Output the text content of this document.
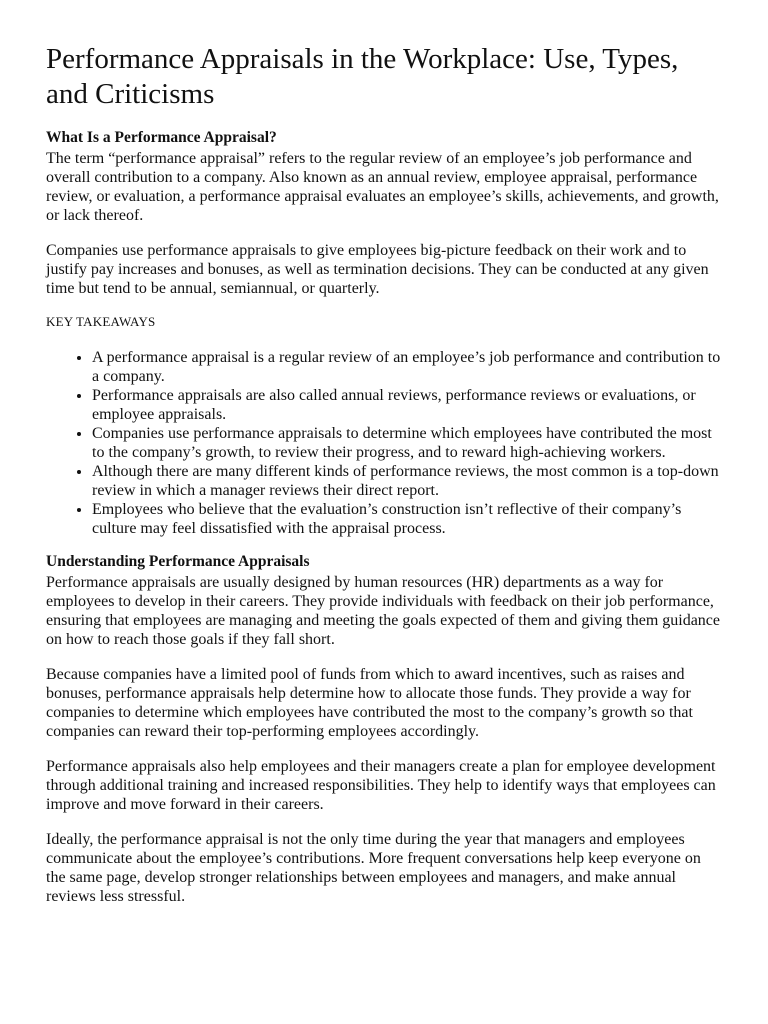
Performance Appraisals in the Workplace: Use, Types, and Criticisms
What Is a Performance Appraisal?

The term “performance appraisal” refers to the regular review of an employee’s job performance and overall contribution to a company. Also known as an annual review, employee appraisal, performance review, or evaluation, a performance appraisal evaluates an employee’s skills, achievements, and growth, or lack thereof.

Companies use performance appraisals to give employees big-picture feedback on their work and to justify pay increases and bonuses, as well as termination decisions. They can be conducted at any given time but tend to be annual, semiannual, or quarterly.

KEY TAKEAWAYS
• A performance appraisal is a regular review of an employee’s job performance and contribution to a company.
• Performance appraisals are also called annual reviews, performance reviews or evaluations, or employee appraisals.
• Companies use performance appraisals to determine which employees have contributed the most to the company’s growth, to review their progress, and to reward high-achieving workers.
• Although there are many different kinds of performance reviews, the most common is a top-down review in which a manager reviews their direct report.
• Employees who believe that the evaluation’s construction isn’t reflective of their company’s culture may feel dissatisfied with the appraisal process.
Understanding Performance Appraisals

Performance appraisals are usually designed by human resources (HR) departments as a way for employees to develop in their careers. They provide individuals with feedback on their job performance, ensuring that employees are managing and meeting the goals expected of them and giving them guidance on how to reach those goals if they fall short.

Because companies have a limited pool of funds from which to award incentives, such as raises and bonuses, performance appraisals help determine how to allocate those funds. They provide a way for companies to determine which employees have contributed the most to the company’s growth so that companies can reward their top-performing employees accordingly.

Performance appraisals also help employees and their managers create a plan for employee development through additional training and increased responsibilities. They help to identify ways that employees can improve and move forward in their careers.

Ideally, the performance appraisal is not the only time during the year that managers and employees communicate about the employee’s contributions. More frequent conversations help keep everyone on the same page, develop stronger relationships between employees and managers, and make annual reviews less stressful.
